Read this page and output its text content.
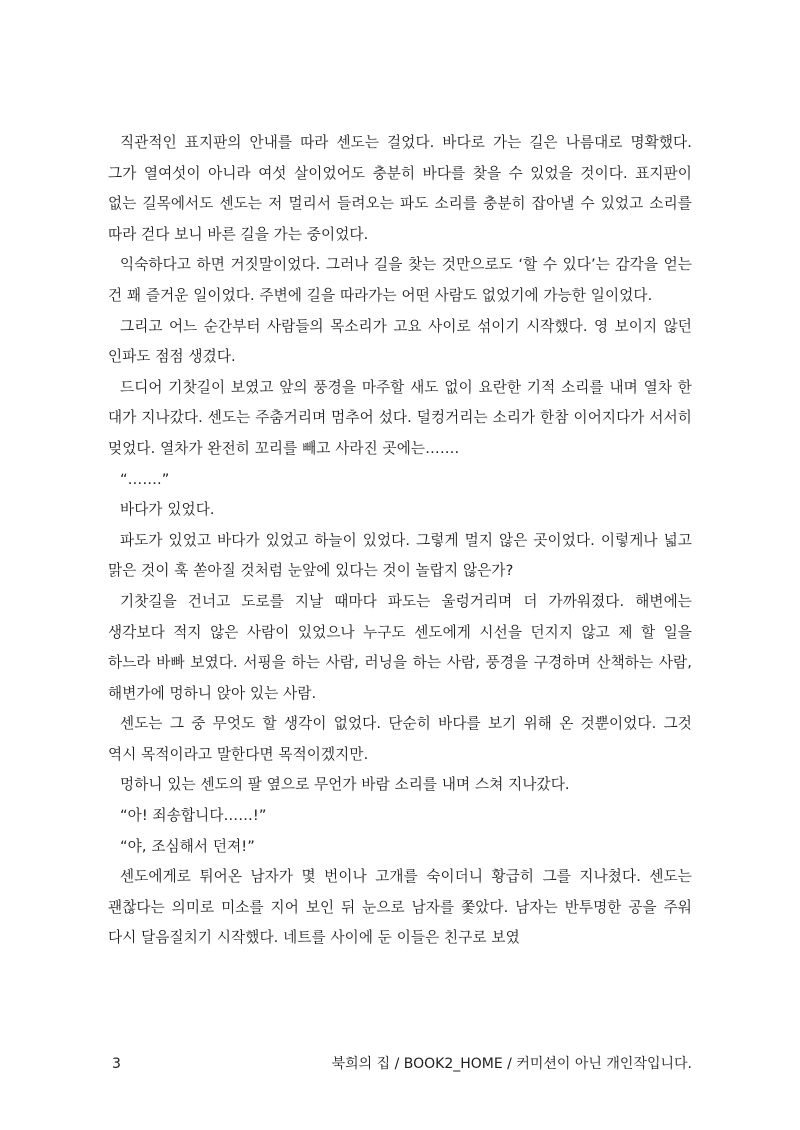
직관적인 표지판의 안내를 따라 센도는 걸었다. 바다로 가는 길은 나름대로 명확했다. 그가 열여섯이 아니라 여섯 살이었어도 충분히 바다를 찾을 수 있었을 것이다. 표지판이 없는 길목에서도 센도는 저 멀리서 들려오는 파도 소리를 충분히 잡아낼 수 있었고 소리를 따라 걷다 보니 바른 길을 가는 중이었다.

익숙하다고 하면 거짓말이었다. 그러나 길을 찾는 것만으로도 ‘할 수 있다’는 감각을 얻는 건 꽤 즐거운 일이었다. 주변에 길을 따라가는 어떤 사람도 없었기에 가능한 일이었다.

그리고 어느 순간부터 사람들의 목소리가 고요 사이로 섞이기 시작했다. 영 보이지 않던 인파도 점점 생겼다.

드디어 기찻길이 보였고 앞의 풍경을 마주할 새도 없이 요란한 기적 소리를 내며 열차 한 대가 지나갔다. 센도는 주춤거리며 멈추어 섰다. 덜컹거리는 소리가 한참 이어지다가 서서히 멎었다. 열차가 완전히 꼬리를 빼고 사라진 곳에는…….

“…….”

바다가 있었다.

파도가 있었고 바다가 있었고 하늘이 있었다. 그렇게 멀지 않은 곳이었다. 이렇게나 넓고 맑은 것이 훅 쏟아질 것처럼 눈앞에 있다는 것이 놀랍지 않은가?

기찻길을 건너고 도로를 지날 때마다 파도는 울렁거리며 더 가까워졌다. 해변에는 생각보다 적지 않은 사람이 있었으나 누구도 센도에게 시선을 던지지 않고 제 할 일을 하느라 바빠 보였다. 서핑을 하는 사람, 러닝을 하는 사람, 풍경을 구경하며 산책하는 사람, 해변가에 멍하니 앉아 있는 사람.

센도는 그 중 무엇도 할 생각이 없었다. 단순히 바다를 보기 위해 온 것뿐이었다. 그것 역시 목적이라고 말한다면 목적이겠지만.

멍하니 있는 센도의 팔 옆으로 무언가 바람 소리를 내며 스쳐 지나갔다.

“아! 죄송합니다……!”

“야, 조심해서 던져!”

센도에게로 튀어온 남자가 몇 번이나 고개를 숙이더니 황급히 그를 지나쳤다. 센도는 괜찮다는 의미로 미소를 지어 보인 뒤 눈으로 남자를 쫓았다. 남자는 반투명한 공을 주워 다시 달음질치기 시작했다. 네트를 사이에 둔 이들은 친구로 보였

3	북희의 집 / BOOK2_HOME / 커미션이 아닌 개인작입니다.
